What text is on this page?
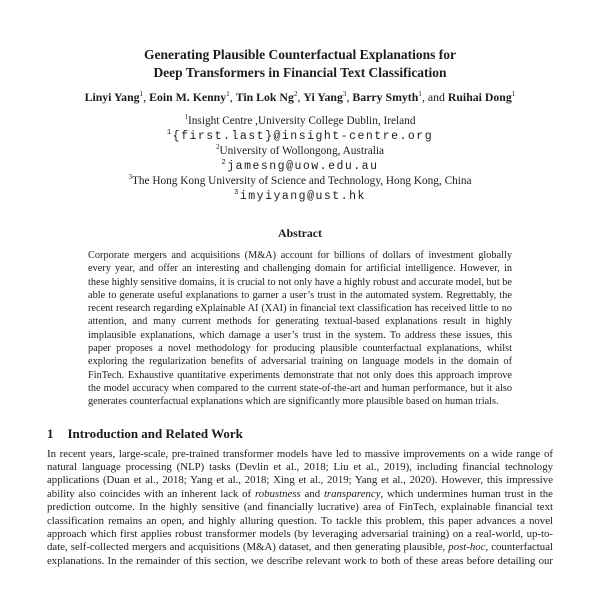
Generating Plausible Counterfactual Explanations for
Deep Transformers in Financial Text Classification
Linyi Yang$^1$, Eoin M. Kenny$^1$, Tin Lok Ng$^2$, Yi Yang$^3$, Barry Smyth$^1$, and Ruihai Dong$^1$
$^1$Insight Centre ,University College Dublin, Ireland
$^1${first.last}@insight-centre.org
$^2$University of Wollongong, Australia
$^2$jamesng@uow.edu.au
$^3$The Hong Kong University of Science and Technology, Hong Kong, China
$^3$imyiyang@ust.hk
Abstract

Corporate mergers and acquisitions (M&A) account for billions of dollars of investment globally every year, and offer an interesting and challenging domain for artificial intelligence. However, in these highly sensitive domains, it is crucial to not only have a highly robust and accurate model, but be able to generate useful explanations to garner a user’s trust in the automated system. Regrettably, the recent research regarding eXplainable AI (XAI) in financial text classification has received little to no attention, and many current methods for generating textual-based explanations result in highly implausible explanations, which damage a user’s trust in the system. To address these issues, this paper proposes a novel methodology for producing plausible counterfactual explanations, whilst exploring the regularization benefits of adversarial training on language models in the domain of FinTech. Exhaustive quantitative experiments demonstrate that not only does this approach improve the model accuracy when compared to the current state-of-the-art and human performance, but it also generates counterfactual explanations which are significantly more plausible based on human trials.

1 Introduction and Related Work

In recent years, large-scale, pre-trained transformer models have led to massive improvements on a wide range of natural language processing (NLP) tasks (Devlin et al., 2018; Liu et al., 2019), including financial technology applications (Duan et al., 2018; Yang et al., 2018; Xing et al., 2019; Yang et al., 2020). However, this impressive ability also coincides with an inherent lack of robustness and transparency, which undermines human trust in the prediction outcome. In the highly sensitive (and financially lucrative) area of FinTech, explainable financial text classification remains an open, and highly alluring question. To tackle this problem, this paper advances a novel approach which first applies robust transformer models (by leveraging adversarial training) on a real-world, up-to-date, self-collected mergers and acquisitions (M&A) dataset, and then generating plausible, post-hoc, counterfactual explanations. In the remainder of this section, we describe relevant work to both of these areas before detailing our
